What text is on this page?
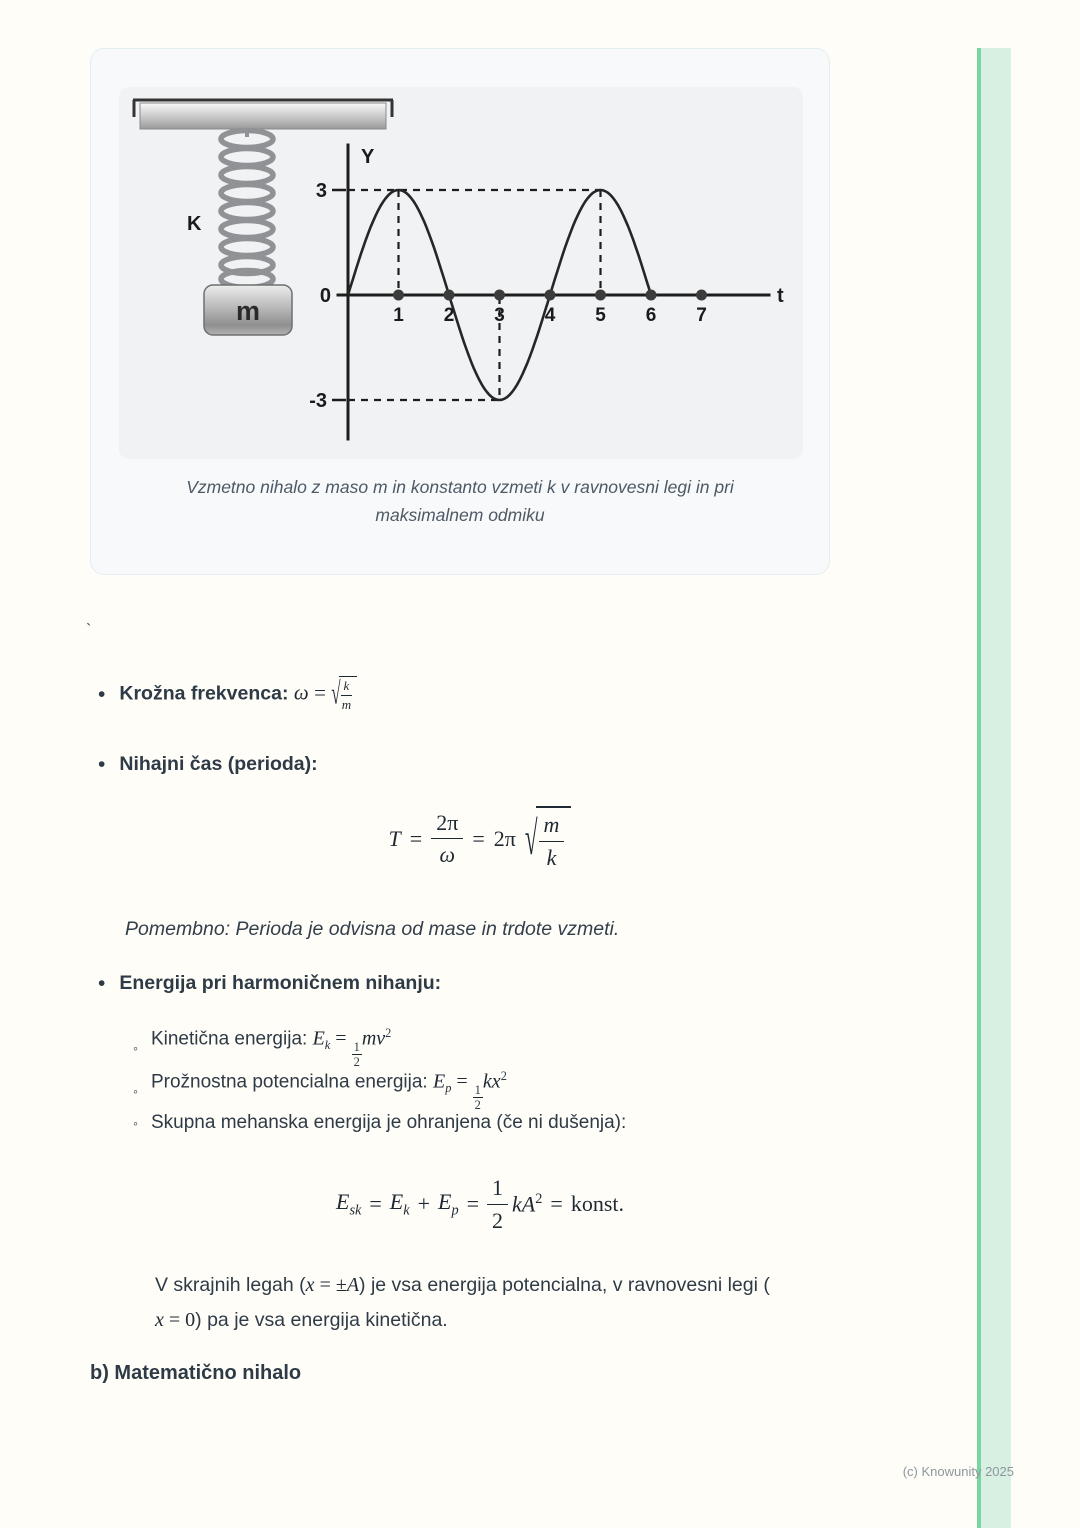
K
m
Y
t
3
0
-3
1 2 3 4 5 6 7
Vzmetno nihalo z maso m in konstanto vzmeti k v ravnovesni legi in pri
maksimalnem odmiku
`
• Krožna frekvenca: ω = √ $\frac{k}{m}$
• Nihajni čas (perioda):
$T = \frac{2\pi}{\omega} = 2\pi$ √ $\frac{m}{k}$
Pomembno: Perioda je odvisna od mase in trdote vzmeti.
• Energija pri harmoničnem nihanju:
◦ Kinetična energija: $E_k$ =
$\frac{1}{2}$
$mv^2$
◦ Prožnostna potencialna energija: $E_p$ =
$\frac{1}{2}$
$kx^2$
◦ Skupna mehanska energija je ohranjena (če ni dušenja):
$E_{sk} = E_k + E_p = \frac{1}{2} kA^2$ = konst.
V skrajnih legah (x = ±A) je vsa energija potencialna, v ravnovesni legi (
x = 0) pa je vsa energija kinetična.
b) Matematično nihalo
(c) Knowunity 2025
